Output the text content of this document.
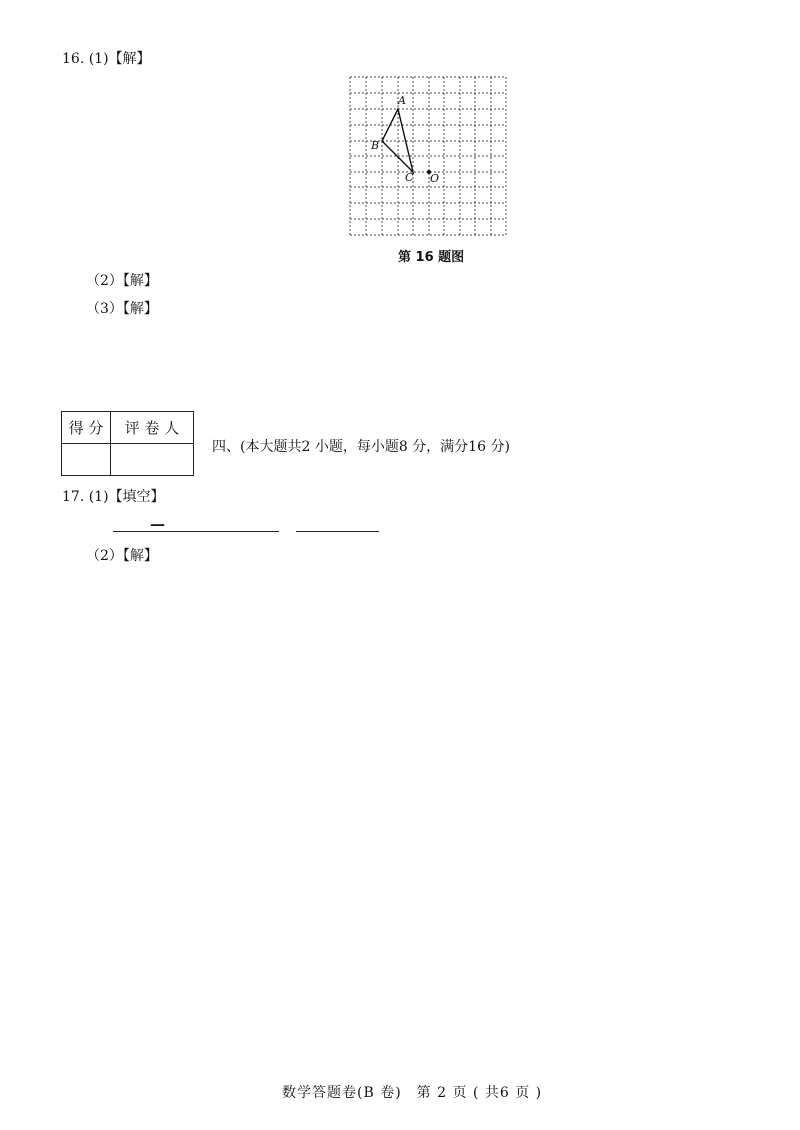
16. (1)【解】
A
B
C O
第 16 题图
（2）【解】
（3）【解】
得 分	评 卷 人

四、(本大题共2 小题，每小题8 分，满分16 分)
17. (1)【填空】
—
（2）【解】
数学答题卷(B 卷)　第 2 页 ( 共6 页 )
